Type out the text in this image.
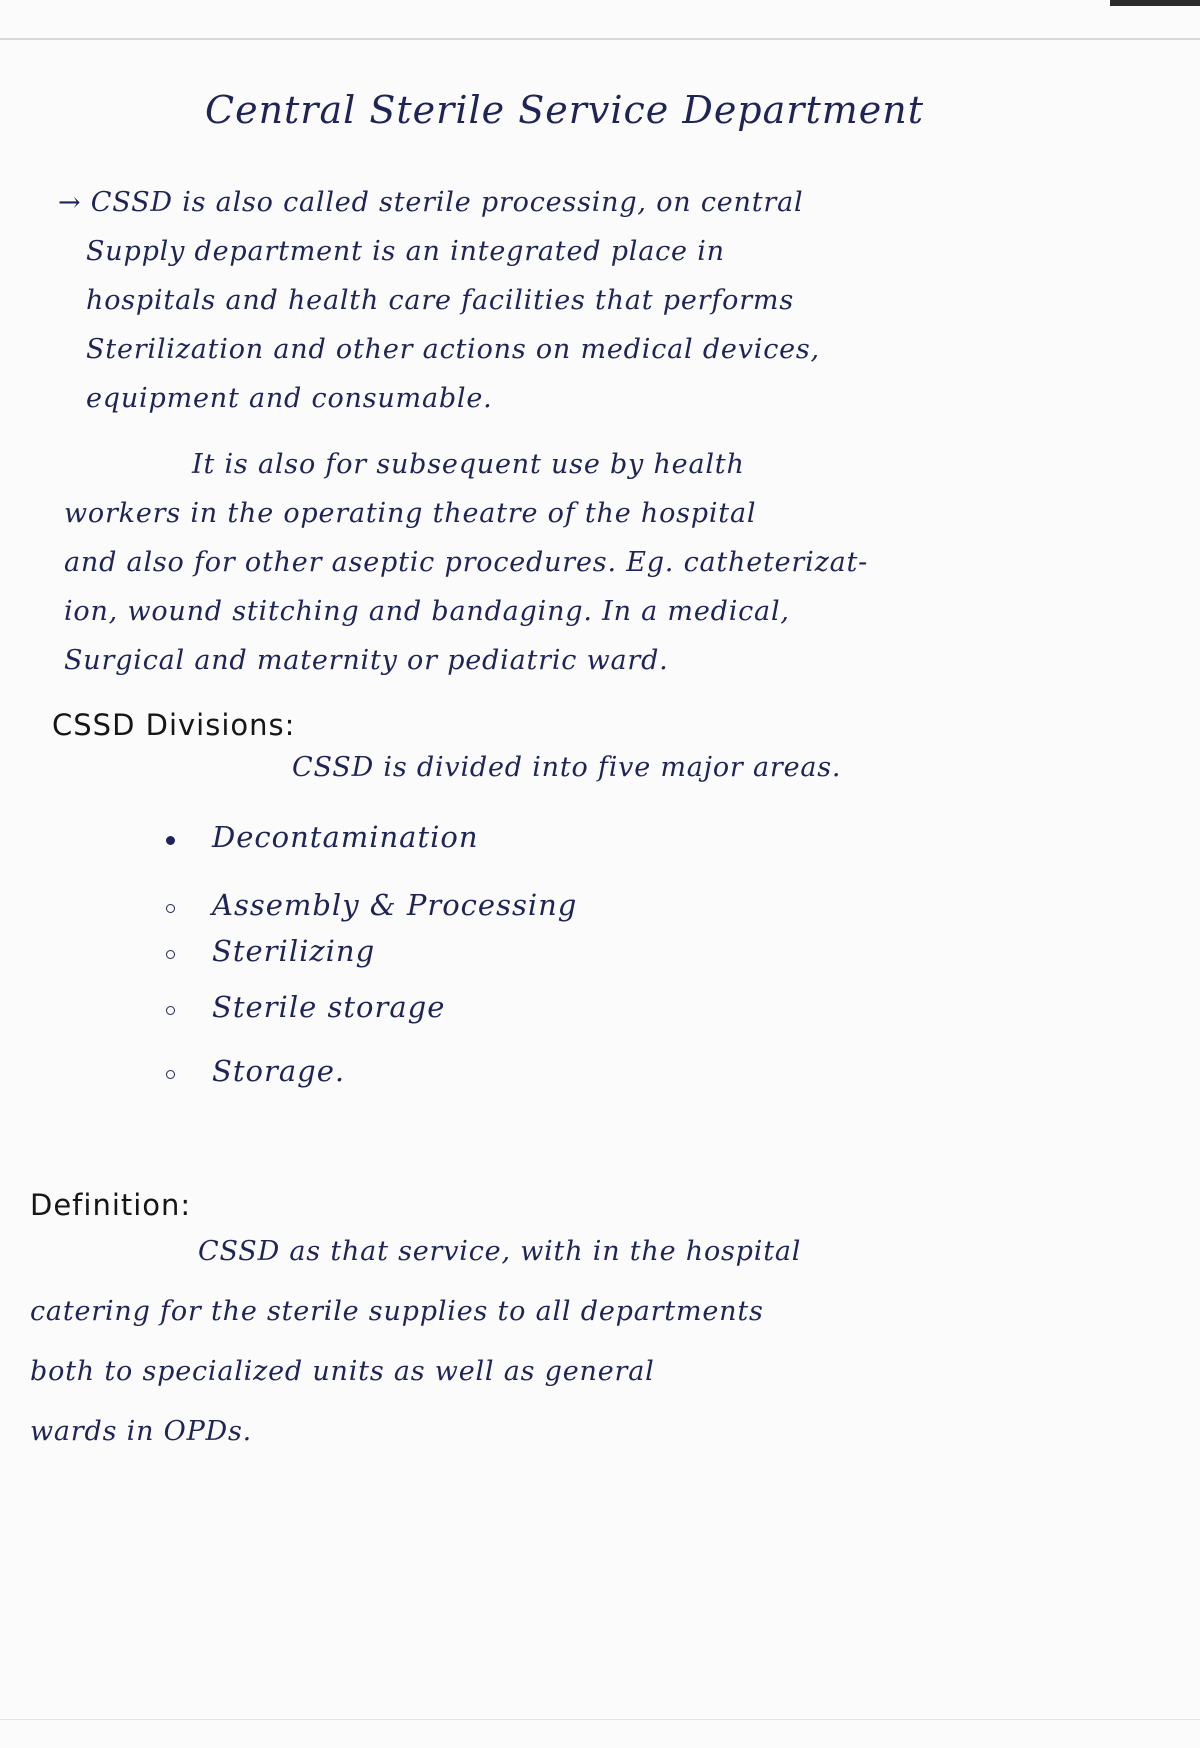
Central Sterile Service Department

→ CSSD is also called sterile processing, on central
Supply department is an integrated place in
hospitals and health care facilities that performs
Sterilization and other actions on medical devices,
equipment and consumable.

It is also for subsequent use by health
workers in the operating theatre of the hospital
and also for other aseptic procedures. Eg. catheterizat-
ion, wound stitching and bandaging. In a medical,
Surgical and maternity or pediatric ward.

CSSD Divisions:
CSSD is divided into five major areas.
Decontamination
Assembly & Processing
Sterilizing
Sterile storage
Storage.
Definition:

CSSD as that service, with in the hospital
catering for the sterile supplies to all departments
both to specialized units as well as general
wards in OPDs.
